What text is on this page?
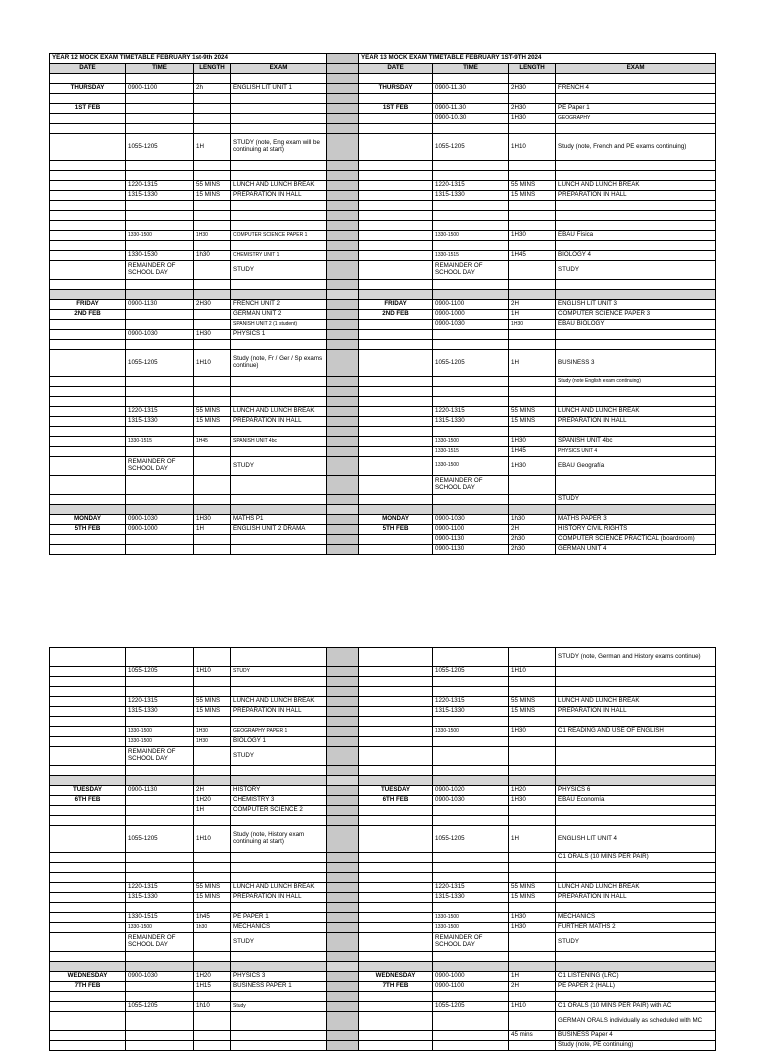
YEAR 12 MOCK EXAM TIMETABLE FEBRUARY 1st-9th 2024					YEAR 13 MOCK EXAM TIMETABLE FEBRUARY 1ST-9TH 2024			
DATE	TIME	LENGTH	EXAM		DATE	TIME	LENGTH	EXAM

THURSDAY	0900-1100	2h	ENGLISH LIT UNIT 1		THURSDAY	0900-11.30	2H30	FRENCH 4

1ST FEB					1ST FEB	0900-11.30	2H30	PE Paper 1
						0900-10.30	1H30	GEOGRAPHY

	1055-1205	1H	STUDY (note, Eng exam will be continuing at start)			1055-1205	1H10	Study (note, French and PE exams continuing)

	1220-1315	55 MINS	LUNCH AND LUNCH BREAK			1220-1315	55 MINS	LUNCH AND LUNCH BREAK
	1315-1330	15 MINS	PREPARATION IN HALL			1315-1330	15 MINS	PREPARATION IN HALL

	1330-1500	1H30	COMPUTER SCIENCE PAPER 1			1330-1500	1H30	EBAU Física

	1330-1530	1h30	CHEMISTRY UNIT 1			1330-1515	1H45	BIOLOGY 4
	REMAINDER OF SCHOOL DAY		STUDY			REMAINDER OF SCHOOL DAY		STUDY

FRIDAY	0900-1130	2H30	FRENCH UNIT 2		FRIDAY	0900-1100	2H	ENGLISH LIT UNIT 3
2ND FEB			GERMAN UNIT 2		2ND FEB	0900-1000	1H	COMPUTER SCIENCE PAPER 3
			SPANISH UNIT 2 (1 student)			0900-1030	1H30	EBAU BIOLOGY
	0900-1030	1H30	PHYSICS 1					

	1055-1205	1H10	Study (note, Fr / Ger / Sp exams continue)			1055-1205	1H	BUSINESS 3
								Study (note English exam continuing)

	1220-1315	55 MINS	LUNCH AND LUNCH BREAK			1220-1315	55 MINS	LUNCH AND LUNCH BREAK
	1315-1330	15 MINS	PREPARATION IN HALL			1315-1330	15 MINS	PREPARATION IN HALL

	1330-1515	1H45	SPANISH UNIT 4bc			1330-1500	1H30	SPANISH UNIT 4bc
						1330-1515	1H45	PHYSICS UNIT 4
	REMAINDER OF SCHOOL DAY		STUDY			1330-1500	1H30	EBAU Geografía
						REMAINDER OF SCHOOL DAY		
								STUDY

MONDAY	0900-1030	1H30	MATHS P1		MONDAY	0900-1030	1h30	MATHS PAPER 3
5TH FEB	0900-1000	1H	ENGLISH UNIT 2 DRAMA		5TH FEB	0900-1100	2H	HISTORY CIVIL RIGHTS
						0900-1130	2h30	COMPUTER SCIENCE PRACTICAL (boardroom)
						0900-1130	2h30	GERMAN UNIT 4
								STUDY (note, German and History exams continue)
	1055-1205	1H10	STUDY			1055-1205	1H10	

	1220-1315	55 MINS	LUNCH AND LUNCH BREAK			1220-1315	55 MINS	LUNCH AND LUNCH BREAK
	1315-1330	15 MINS	PREPARATION IN HALL			1315-1330	15 MINS	PREPARATION IN HALL

	1330-1500	1H30	GEOGRAPHY PAPER 1			1330-1500	1H30	C1 READING AND USE OF ENGLISH
	1330-1500	1H30	BIOLOGY 1					
	REMAINDER OF SCHOOL DAY		STUDY					

TUESDAY	0900-1130	2H	HISTORY		TUESDAY	0900-1020	1H20	PHYSICS 6
6TH FEB		1H20	CHEMISTRY 3		6TH FEB	0900-1030	1H30	EBAU Economía
		1H	COMPUTER SCIENCE 2					

	1055-1205	1H10	Study (note, History exam continuing at start)			1055-1205	1H	ENGLISH LIT UNIT 4
								C1 ORALS (10 MINS PER PAIR)

	1220-1315	55 MINS	LUNCH AND LUNCH BREAK			1220-1315	55 MINS	LUNCH AND LUNCH BREAK
	1315-1330	15 MINS	PREPARATION IN HALL			1315-1330	15 MINS	PREPARATION IN HALL

	1330-1515	1h45	PE PAPER 1			1330-1500	1H30	MECHANICS
	1330-1500	1h30	MECHANICS			1330-1500	1H30	FURTHER MATHS 2
	REMAINDER OF SCHOOL DAY		STUDY			REMAINDER OF SCHOOL DAY		STUDY

WEDNESDAY	0900-1030	1H20	PHYSICS 3		WEDNESDAY	0900-1000	1H	C1 LISTENING (LRC)
7TH FEB		1H15	BUSINESS PAPER 1		7TH FEB	0900-1100	2H	PE PAPER 2 (HALL)

	1055-1205	1h10	Study			1055-1205	1H10	C1 ORALS (10 MINS PER PAIR) with AC
								GERMAN ORALS individually as scheduled with MC
							45 mins	BUSINESS Paper 4
								Study (note, PE continuing)
